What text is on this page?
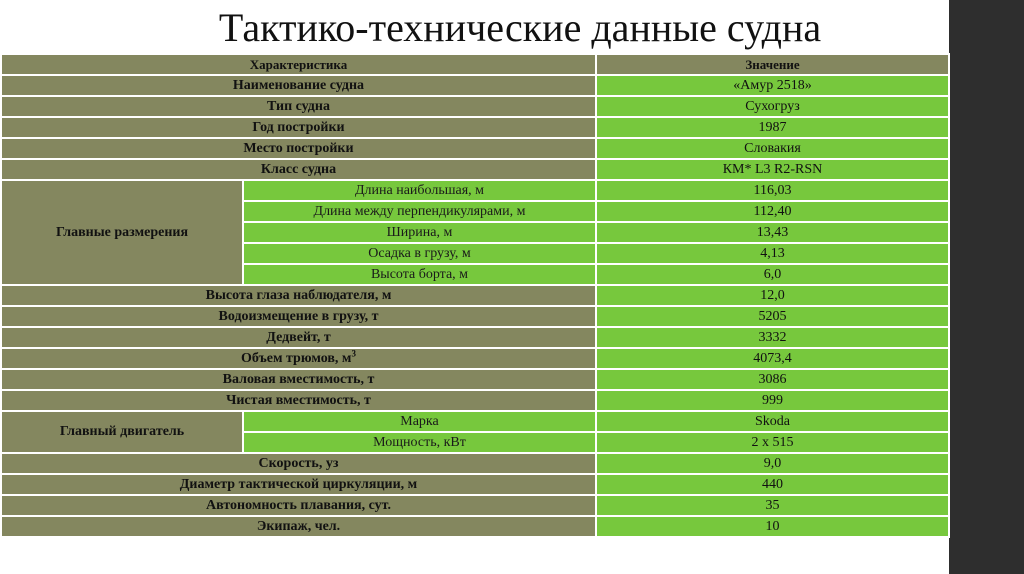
Тактико-технические данные судна
Характеристика		Значение
Наименование судна		«Амур 2518»
Тип судна		Сухогруз
Год постройки		1987
Место постройки		Словакия
Класс судна		КМ* L3 R2-RSN
Главные размерения	Длина наибольшая, м	116,03
	Длина между перпендикулярами, м	112,40
	Ширина, м	13,43
	Осадка в грузу, м	4,13
	Высота борта, м	6,0
Высота глаза наблюдателя, м		12,0
Водоизмещение в грузу, т		5205
Дедвейт, т		3332
Объем трюмов, $м^3$		4073,4
Валовая вместимость, т		3086
Чистая вместимость, т		999
Главный двигатель	Марка	Skoda
	Мощность, кВт	2 х 515
Скорость, уз		9,0
Диаметр тактической циркуляции, м		440
Автономность плавания, сут.		35
Экипаж, чел.		10
